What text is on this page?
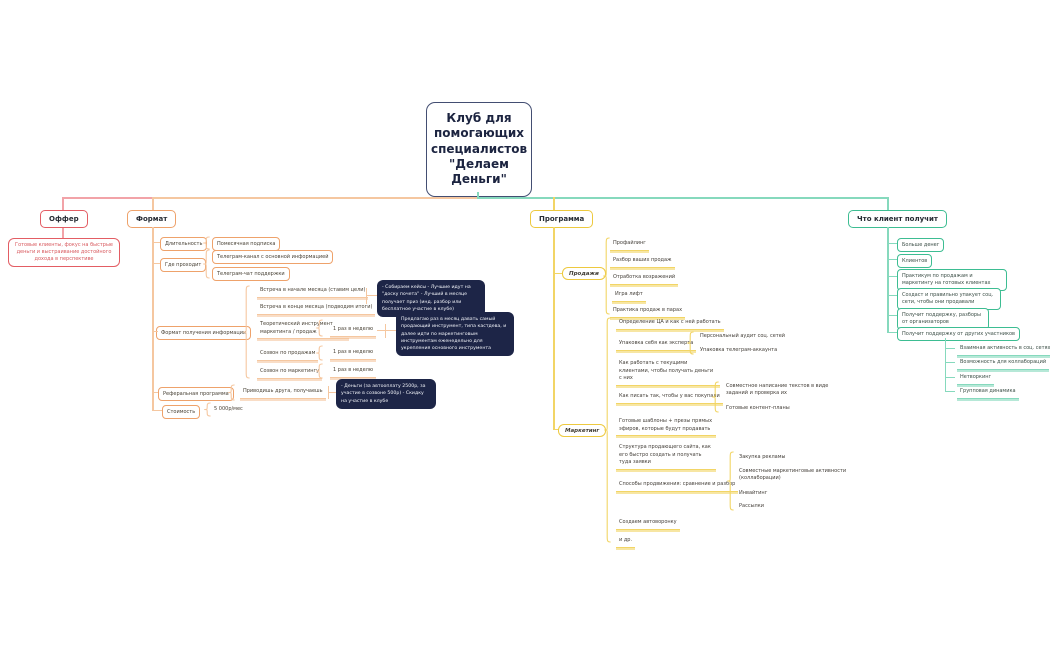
Клуб для помогающих специалистов "Делаем Деньги"
Оффер
Готовые клиенты, фокус на быстрые деньги и выстраивание достойного дохода в перспективе
Формат
Длительность	Помесячная подписка
Где проходит
Телеграм-канал с основной информацией
Телеграм-чат поддержки
Формат получения информации
Встреча в начале месяца (ставим цели)
Встреча в конце месяца (подводим итоги)
Теоретический инструмент маркетинга / продаж	1 раз в неделю
Созвон по продажам	1 раз в неделю
Созвон по маркетингу	1 раз в неделю
- Собираем кейсы - Лучшие идут на "доску почета" - Лучший в месяце получает приз (инд. разбор или бесплатное участие в клубе)
Предлагаю раз в месяц давать самый продающий инструмент, типа кастдева, и далее идти по маркетинговым инструментам еженедельно для укрепления основного инструмента
Реферальная программа	Приводишь друга, получаешь
- Деньги (за автооплату 2500р, за участие в созвоне 500р) - Скидку на участие в клубе
Стоимость	5 000р/мес
Программа
Продажи
Профайлинг
Разбор ваших продаж
Отработка возражений
Игра лифт
Практика продаж в парах
Маркетинг
Определение ЦА и как с ней работать
Упаковка себя как эксперта
Персональный аудит соц. сетей
Упаковка телеграм-аккаунта
Как работать с текущими клиентами, чтобы получать деньги с них
Как писать так, чтобы у вас покупали
Совместное написание текстов в виде заданий и проверка их
Готовые контент-планы
Готовые шаблоны + презы прямых эфиров, которые будут продавать
Структура продающего сайта, как его быстро создать и получать туда заявки
Способы продвижения: сравнение и разбор
Закупка рекламы
Совместные маркетинговые активности (коллаборации)
Инвайтинг
Рассылки
Создаем автоворонку
и др.
Что клиент получит
Больше денег
Клиентов
Практикум по продажам и маркетингу на готовых клиентах
Создаст и правильно упакует соц. сети, чтобы они продавали
Получит поддержку, разборы от организаторов
Получит поддержку от других участников
Взаимная активность в соц. сетях
Возможность для коллабораций
Нетворкинг
Групповая динамика
